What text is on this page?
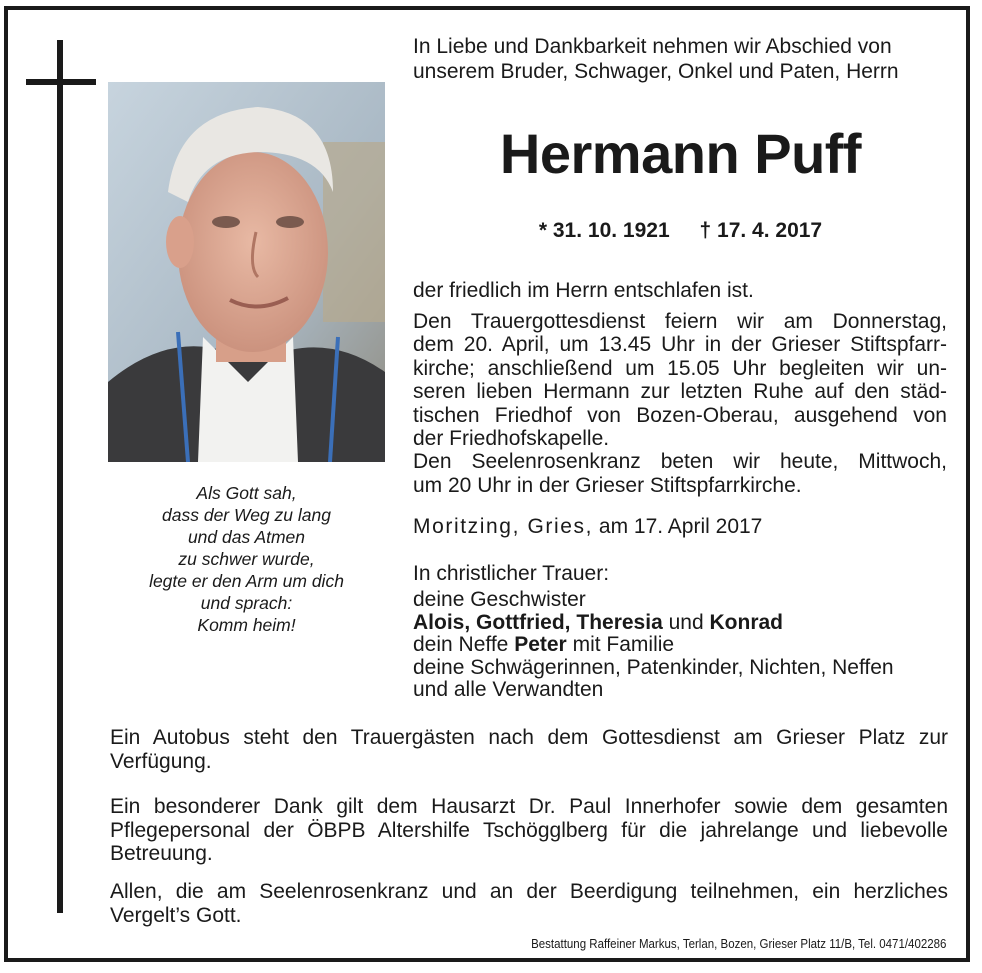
Als Gott sah,
dass der Weg zu lang
und das Atmen
zu schwer wurde,
legte er den Arm um dich
und sprach:
Komm heim!
In Liebe und Dankbarkeit nehmen wir Abschied von
unserem Bruder, Schwager, Onkel und Paten, Herrn
Hermann Puff
* 31. 10. 1921 † 17. 4. 2017
der friedlich im Herrn entschlafen ist.
Den Trauergottesdienst feiern wir am Donnerstag,
dem 20. April, um 13.45 Uhr in der Grieser Stiftspfarr-
kirche; anschließend um 15.05 Uhr begleiten wir un-
seren lieben Hermann zur letzten Ruhe auf den städ-
tischen Friedhof von Bozen-Oberau, ausgehend von
der Friedhofskapelle.
Den Seelenrosenkranz beten wir heute, Mittwoch,
um 20 Uhr in der Grieser Stiftspfarrkirche.
Moritzing, Gries, am 17. April 2017
In christlicher Trauer:
deine Geschwister
Alois, Gottfried, Theresia und Konrad
dein Neffe Peter mit Familie
deine Schwägerinnen, Patenkinder, Nichten, Neffen
und alle Verwandten
Ein Autobus steht den Trauergästen nach dem Gottesdienst am Grieser Platz zur
Verfügung.
Ein besonderer Dank gilt dem Hausarzt Dr. Paul Innerhofer sowie dem gesamten
Pflegepersonal der ÖBPB Altershilfe Tschögglberg für die jahrelange und liebevolle
Betreuung.
Allen, die am Seelenrosenkranz und an der Beerdigung teilnehmen, ein herzliches
Vergelt’s Gott.
Bestattung Raffeiner Markus, Terlan, Bozen, Grieser Platz 11/B, Tel. 0471/402286
